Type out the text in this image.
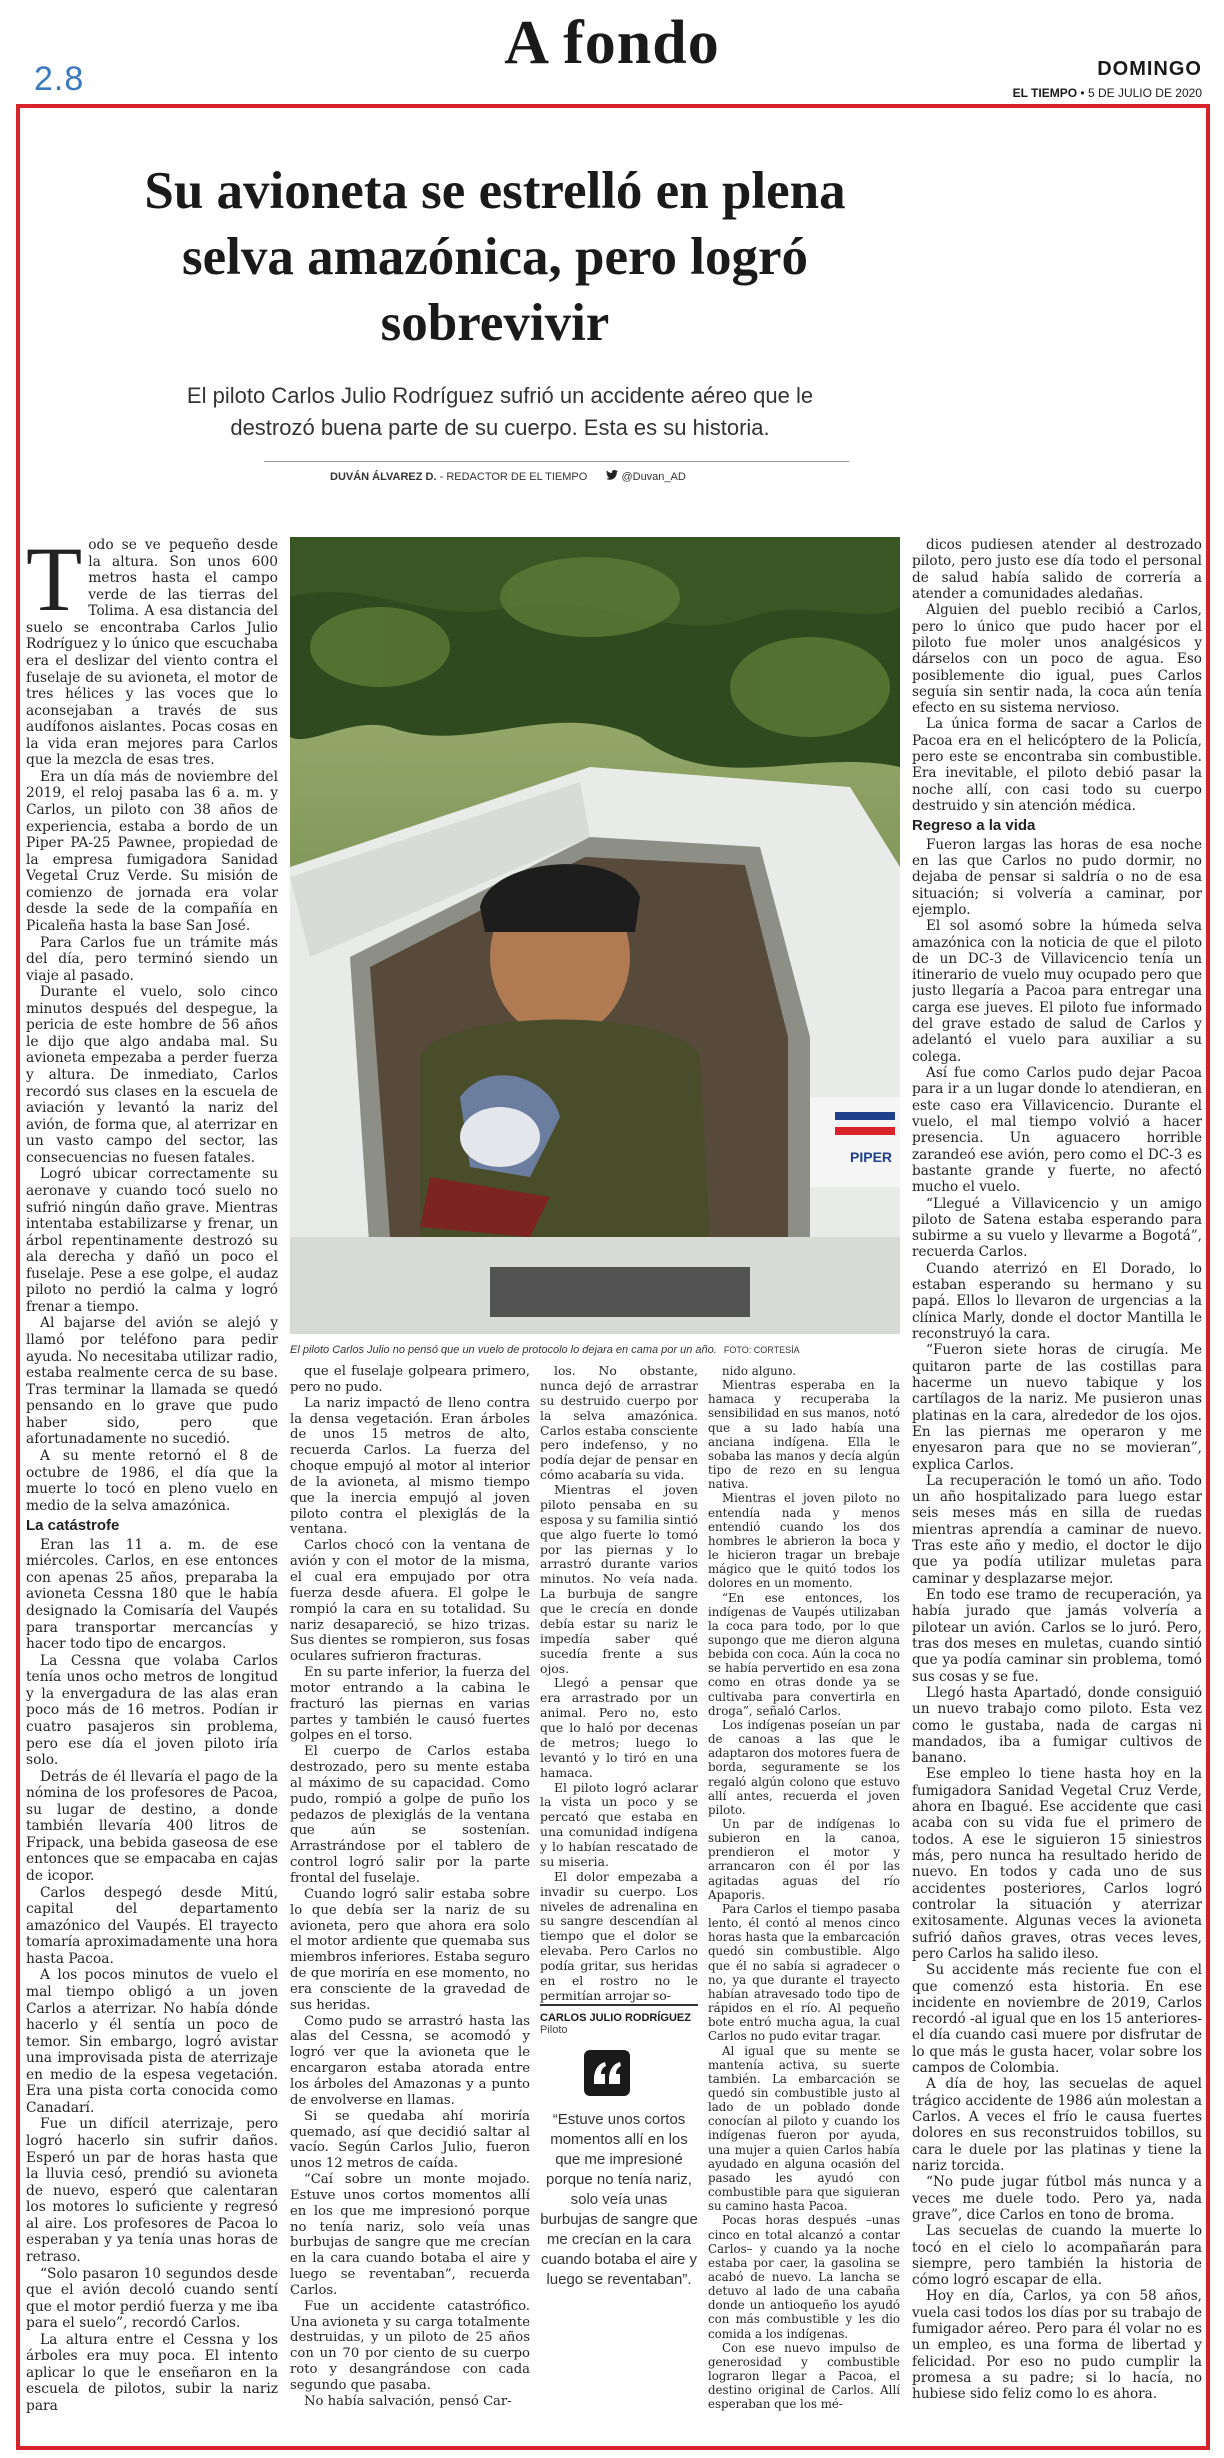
2.8
A fondo	DOMINGO
EL TIEMPO • 5 DE JULIO DE 2020
Su avioneta se estrelló en plena selva amazónica, pero logró sobrevivir

El piloto Carlos Julio Rodríguez sufrió un accidente aéreo que le destrozó buena parte de su cuerpo. Esta es su historia.

DUVÁN ÁLVAREZ D. - REDACTOR DE EL TIEMPO	@Duvan_AD
T odo se ve pequeño desde la altura. Son unos 600 metros hasta el campo verde de las tierras del Tolima. A esa distancia del suelo se encontraba Carlos Julio Rodríguez y lo único que escuchaba era el deslizar del viento contra el fuselaje de su avioneta, el motor de tres hélices y las voces que lo aconsejaban a través de sus audífonos aislantes. Pocas cosas en la vida eran mejores para Carlos que la mezcla de esas tres.

Era un día más de noviembre del 2019, el reloj pasaba las 6 a. m. y Carlos, un piloto con 38 años de experiencia, estaba a bordo de un Piper PA-25 Pawnee, propiedad de la empresa fumigadora Sanidad Vegetal Cruz Verde. Su misión de comienzo de jornada era volar desde la sede de la compañía en Picaleña hasta la base San José.

Para Carlos fue un trámite más del día, pero terminó siendo un viaje al pasado.

Durante el vuelo, solo cinco minutos después del despegue, la pericia de este hombre de 56 años le dijo que algo andaba mal. Su avioneta empezaba a perder fuerza y altura. De inmediato, Carlos recordó sus clases en la escuela de aviación y levantó la nariz del avión, de forma que, al aterrizar en un vasto campo del sector, las consecuencias no fuesen fatales.

Logró ubicar correctamente su aeronave y cuando tocó suelo no sufrió ningún daño grave. Mientras intentaba estabilizarse y frenar, un árbol repentinamente destrozó su ala derecha y dañó un poco el fuselaje. Pese a ese golpe, el audaz piloto no perdió la calma y logró frenar a tiempo.

Al bajarse del avión se alejó y llamó por teléfono para pedir ayuda. No necesitaba utilizar radio, estaba realmente cerca de su base. Tras terminar la llamada se quedó pensando en lo grave que pudo haber sido, pero que afortunadamente no sucedió.

A su mente retornó el 8 de octubre de 1986, el día que la muerte lo tocó en pleno vuelo en medio de la selva amazónica.

La catástrofe

Eran las 11 a. m. de ese miércoles. Carlos, en ese entonces con apenas 25 años, preparaba la avioneta Cessna 180 que le había designado la Comisaría del Vaupés para transportar mercancías y hacer todo tipo de encargos.

La Cessna que volaba Carlos tenía unos ocho metros de longitud y la envergadura de las alas eran poco más de 16 metros. Podían ir cuatro pasajeros sin problema, pero ese día el joven piloto iría solo.

Detrás de él llevaría el pago de la nómina de los profesores de Pacoa, su lugar de destino, a donde también llevaría 400 litros de Fripack, una bebida gaseosa de ese entonces que se empacaba en cajas de icopor.

Carlos despegó desde Mitú, capital del departamento amazónico del Vaupés. El trayecto tomaría aproximadamente una hora hasta Pacoa.

A los pocos minutos de vuelo el mal tiempo obligó a un joven Carlos a aterrizar. No había dónde hacerlo y él sentía un poco de temor. Sin embargo, logró avistar una improvisada pista de aterrizaje en medio de la espesa vegetación. Era una pista corta conocida como Canadarí.

Fue un difícil aterrizaje, pero logró hacerlo sin sufrir daños. Esperó un par de horas hasta que la lluvia cesó, prendió su avioneta de nuevo, esperó que calentaran los motores lo suficiente y regresó al aire. Los profesores de Pacoa lo esperaban y ya tenía unas horas de retraso.

“Solo pasaron 10 segundos desde que el avión decoló cuando sentí que el motor perdió fuerza y me iba para el suelo”, recordó Carlos.

La altura entre el Cessna y los árboles era muy poca. El intento aplicar lo que le enseñaron en la escuela de pilotos, subir la nariz para

PIPER
El piloto Carlos Julio no pensó que un vuelo de protocolo lo dejara en cama por un año. FOTO: CORTESÍA

que el fuselaje golpeara primero, pero no pudo.

La nariz impactó de lleno contra la densa vegetación. Eran árboles de unos 15 metros de alto, recuerda Carlos. La fuerza del choque empujó al motor al interior de la avioneta, al mismo tiempo que la inercia empujó al joven piloto contra el plexiglás de la ventana.

Carlos chocó con la ventana de avión y con el motor de la misma, el cual era empujado por otra fuerza desde afuera. El golpe le rompió la cara en su totalidad. Su nariz desapareció, se hizo trizas. Sus dientes se rompieron, sus fosas oculares sufrieron fracturas.

En su parte inferior, la fuerza del motor entrando a la cabina le fracturó las piernas en varias partes y también le causó fuertes golpes en el torso.

El cuerpo de Carlos estaba destrozado, pero su mente estaba al máximo de su capacidad. Como pudo, rompió a golpe de puño los pedazos de plexiglás de la ventana que aún se sostenían. Arrastrándose por el tablero de control logró salir por la parte frontal del fuselaje.

Cuando logró salir estaba sobre lo que debía ser la nariz de su avioneta, pero que ahora era solo el motor ardiente que quemaba sus miembros inferiores. Estaba seguro de que moriría en ese momento, no era consciente de la gravedad de sus heridas.

Como pudo se arrastró hasta las alas del Cessna, se acomodó y logró ver que la avioneta que le encargaron estaba atorada entre los árboles del Amazonas y a punto de envolverse en llamas.

Si se quedaba ahí moriría quemado, así que decidió saltar al vacío. Según Carlos Julio, fueron unos 12 metros de caída.

“Caí sobre un monte mojado. Estuve unos cortos momentos allí en los que me impresionó porque no tenía nariz, solo veía unas burbujas de sangre que me crecían en la cara cuando botaba el aire y luego se reventaban”, recuerda Carlos.

Fue un accidente catastrófico. Una avioneta y su carga totalmente destruidas, y un piloto de 25 años con un 70 por ciento de su cuerpo roto y desangrándose con cada segundo que pasaba.

No había salvación, pensó Car-

los. No obstante, nunca dejó de arrastrar su destruido cuerpo por la selva amazónica. Carlos estaba consciente pero indefenso, y no podía dejar de pensar en cómo acabaría su vida.

Mientras el joven piloto pensaba en su esposa y su familia sintió que algo fuerte lo tomó por las piernas y lo arrastró durante varios minutos. No veía nada. La burbuja de sangre que le crecía en donde debía estar su nariz le impedía saber qué sucedía frente a sus ojos.

Llegó a pensar que era arrastrado por un animal. Pero no, esto que lo haló por decenas de metros; luego lo levantó y lo tiró en una hamaca.

El piloto logró aclarar la vista un poco y se percató que estaba en una comunidad indígena y lo habían rescatado de su miseria.

El dolor empezaba a invadir su cuerpo. Los niveles de adrenalina en su sangre descendían al tiempo que el dolor se elevaba. Pero Carlos no podía gritar, sus heridas en el rostro no le permitían arrojar so-

nido alguno.

Mientras esperaba en la hamaca y recuperaba la sensibilidad en sus manos, notó que a su lado había una anciana indígena. Ella le sobaba las manos y decía algún tipo de rezo en su lengua nativa.

Mientras el joven piloto no entendía nada y menos entendió cuando los dos hombres le abrieron la boca y le hicieron tragar un brebaje mágico que le quitó todos los dolores en un momento.

“En ese entonces, los indígenas de Vaupés utilizaban la coca para todo, por lo que supongo que me dieron alguna bebida con coca. Aún la coca no se había pervertido en esa zona como en otras donde ya se cultivaba para convertirla en droga”, señaló Carlos.

Los indígenas poseían un par de canoas a las que le adaptaron dos motores fuera de borda, seguramente se los regaló algún colono que estuvo allí antes, recuerda el joven piloto.

Un par de indígenas lo subieron en la canoa, prendieron el motor y arrancaron con él por las agitadas aguas del río Apaporis.

Para Carlos el tiempo pasaba lento, él contó al menos cinco horas hasta que la embarcación quedó sin combustible. Algo que él no sabía si agradecer o no, ya que durante el trayecto habían atravesado todo tipo de rápidos en el río. Al pequeño bote entró mucha agua, la cual Carlos no pudo evitar tragar.

Al igual que su mente se mantenía activa, su suerte también. La embarcación se quedó sin combustible justo al lado de un poblado donde conocían al piloto y cuando los indígenas fueron por ayuda, una mujer a quien Carlos había ayudado en alguna ocasión del pasado les ayudó con combustible para que siguieran su camino hasta Pacoa.

Pocas horas después –unas cinco en total alcanzó a contar Carlos– y cuando ya la noche estaba por caer, la gasolina se acabó de nuevo. La lancha se detuvo al lado de una cabaña donde un antioqueño los ayudó con más combustible y les dio comida a los indígenas.

Con ese nuevo impulso de generosidad y combustible lograron llegar a Pacoa, el destino original de Carlos. Allí esperaban que los mé-

dicos pudiesen atender al destrozado piloto, pero justo ese día todo el personal de salud había salido de correría a atender a comunidades aledañas.

Alguien del pueblo recibió a Carlos, pero lo único que pudo hacer por el piloto fue moler unos analgésicos y dárselos con un poco de agua. Eso posiblemente dio igual, pues Carlos seguía sin sentir nada, la coca aún tenía efecto en su sistema nervioso.

La única forma de sacar a Carlos de Pacoa era en el helicóptero de la Policía, pero este se encontraba sin combustible. Era inevitable, el piloto debió pasar la noche allí, con casi todo su cuerpo destruido y sin atención médica.

Regreso a la vida

Fueron largas las horas de esa noche en las que Carlos no pudo dormir, no dejaba de pensar si saldría o no de esa situación; si volvería a caminar, por ejemplo.

El sol asomó sobre la húmeda selva amazónica con la noticia de que el piloto de un DC-3 de Villavicencio tenía un itinerario de vuelo muy ocupado pero que justo llegaría a Pacoa para entregar una carga ese jueves. El piloto fue informado del grave estado de salud de Carlos y adelantó el vuelo para auxiliar a su colega.

Así fue como Carlos pudo dejar Pacoa para ir a un lugar donde lo atendieran, en este caso era Villavicencio. Durante el vuelo, el mal tiempo volvió a hacer presencia. Un aguacero horrible zarandeó ese avión, pero como el DC-3 es bastante grande y fuerte, no afectó mucho el vuelo.

“Llegué a Villavicencio y un amigo piloto de Satena estaba esperando para subirme a su vuelo y llevarme a Bogotá”, recuerda Carlos.

Cuando aterrizó en El Dorado, lo estaban esperando su hermano y su papá. Ellos lo llevaron de urgencias a la clínica Marly, donde el doctor Mantilla le reconstruyó la cara.

“Fueron siete horas de cirugía. Me quitaron parte de las costillas para hacerme un nuevo tabique y los cartílagos de la nariz. Me pusieron unas platinas en la cara, alrededor de los ojos. En las piernas me operaron y me enyesaron para que no se movieran”, explica Carlos.

La recuperación le tomó un año. Todo un año hospitalizado para luego estar seis meses más en silla de ruedas mientras aprendía a caminar de nuevo. Tras este año y medio, el doctor le dijo que ya podía utilizar muletas para caminar y desplazarse mejor.

En todo ese tramo de recuperación, ya había jurado que jamás volvería a pilotear un avión. Carlos se lo juró. Pero, tras dos meses en muletas, cuando sintió que ya podía caminar sin problema, tomó sus cosas y se fue.

Llegó hasta Apartadó, donde consiguió un nuevo trabajo como piloto. Esta vez como le gustaba, nada de cargas ni mandados, iba a fumigar cultivos de banano.

Ese empleo lo tiene hasta hoy en la fumigadora Sanidad Vegetal Cruz Verde, ahora en Ibagué. Ese accidente que casi acaba con su vida fue el primero de todos. A ese le siguieron 15 siniestros más, pero nunca ha resultado herido de nuevo. En todos y cada uno de sus accidentes posteriores, Carlos logró controlar la situación y aterrizar exitosamente. Algunas veces la avioneta sufrió daños graves, otras veces leves, pero Carlos ha salido ileso.

Su accidente más reciente fue con el que comenzó esta historia. En ese incidente en noviembre de 2019, Carlos recordó -al igual que en los 15 anteriores- el día cuando casi muere por disfrutar de lo que más le gusta hacer, volar sobre los campos de Colombia.

A día de hoy, las secuelas de aquel trágico accidente de 1986 aún molestan a Carlos. A veces el frío le causa fuertes dolores en sus reconstruidos tobillos, su cara le duele por las platinas y tiene la nariz torcida.

“No pude jugar fútbol más nunca y a veces me duele todo. Pero ya, nada grave”, dice Carlos en tono de broma.

Las secuelas de cuando la muerte lo tocó en el cielo lo acompañarán para siempre, pero también la historia de cómo logró escapar de ella.

Hoy en día, Carlos, ya con 58 años, vuela casi todos los días por su trabajo de fumigador aéreo. Pero para él volar no es un empleo, es una forma de libertad y felicidad. Por eso no pudo cumplir la promesa a su padre; si lo hacía, no hubiese sido feliz como lo es ahora.

CARLOS JULIO RODRÍGUEZ
Piloto

“Estuve unos cortos momentos allí en los que me impresioné porque no tenía nariz, solo veía unas burbujas de sangre que me crecían en la cara cuando botaba el aire y luego se reventaban”.
